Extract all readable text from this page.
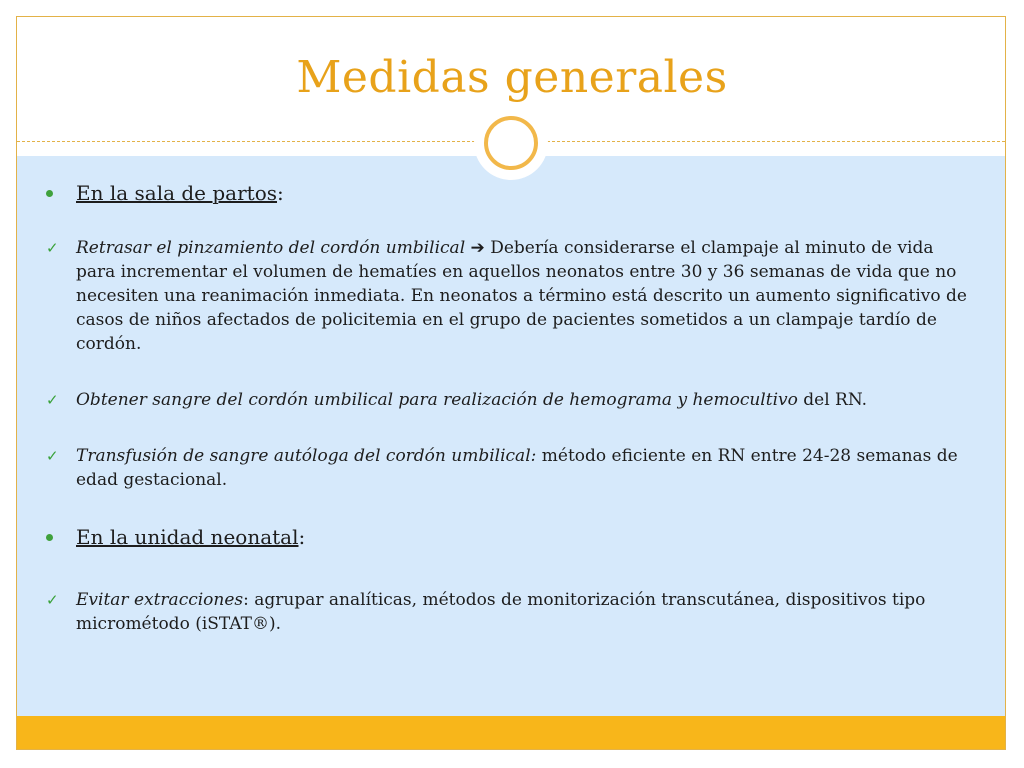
Medidas generales
En la sala de partos:
✓ Retrasar el pinzamiento del cordón umbilical ➔ Debería considerarse el clampaje al minuto de vida para incrementar el volumen de hematíes en aquellos neonatos entre 30 y 36 semanas de vida que no necesiten una reanimación inmediata. En neonatos a término está descrito un aumento significativo de casos de niños afectados de policitemia en el grupo de pacientes sometidos a un clampaje tardío de cordón.
✓ Obtener sangre del cordón umbilical para realización de hemograma y hemocultivo del RN.
✓ Transfusión de sangre autóloga del cordón umbilical: método eficiente en RN entre 24-28 semanas de edad gestacional.
En la unidad neonatal:
✓ Evitar extracciones: agrupar analíticas, métodos de monitorización transcutánea, dispositivos tipo micrométodo (iSTAT®).
